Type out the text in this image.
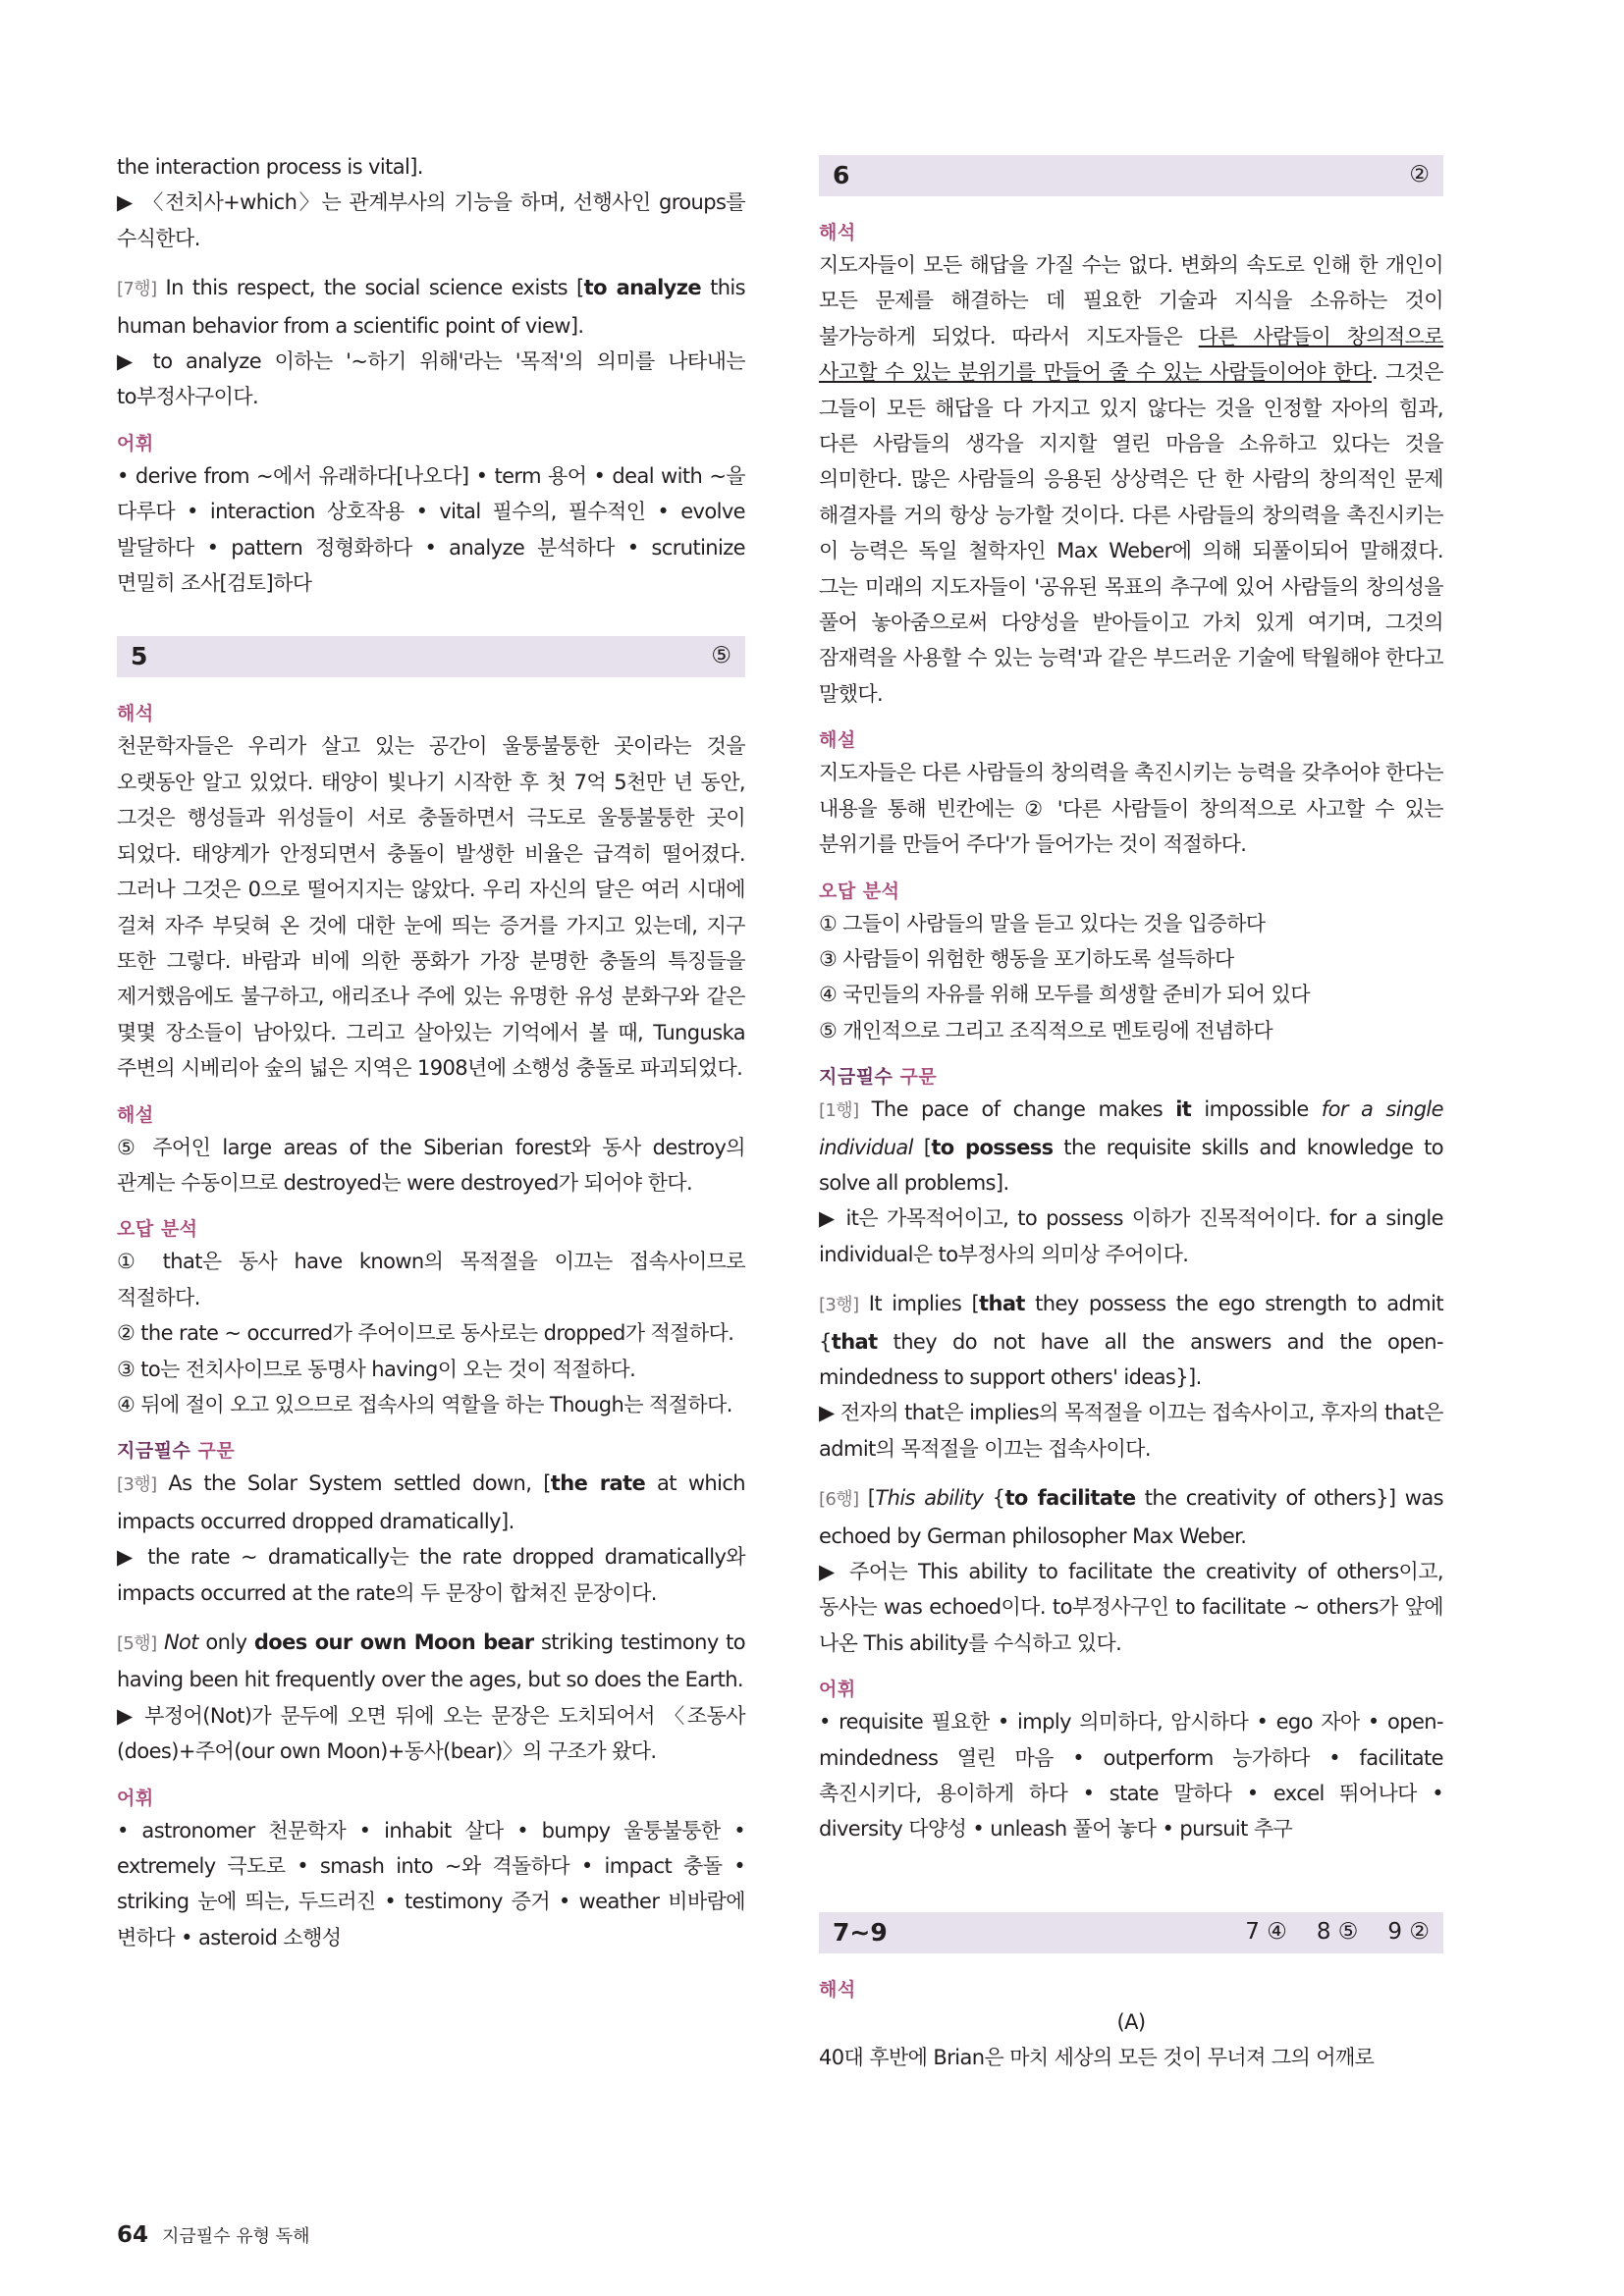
the interaction process is vital].

▶ 〈전치사+which〉는 관계부사의 기능을 하며, 선행사인 groups를 수식한다.

[7행] In this respect, the social science exists [to analyze this human behavior from a scientific point of view].

▶ to analyze 이하는 '~하기 위해'라는 '목적'의 의미를 나타내는 to부정사구이다.

어휘

• derive from ~에서 유래하다[나오다] • term 용어 • deal with ~을 다루다 • interaction 상호작용 • vital 필수의, 필수적인 • evolve 발달하다 • pattern 정형화하다 • analyze 분석하다 • scrutinize 면밀히 조사[검토]하다

5	⑤

해석

천문학자들은 우리가 살고 있는 공간이 울퉁불퉁한 곳이라는 것을 오랫동안 알고 있었다. 태양이 빛나기 시작한 후 첫 7억 5천만 년 동안, 그것은 행성들과 위성들이 서로 충돌하면서 극도로 울퉁불퉁한 곳이 되었다. 태양계가 안정되면서 충돌이 발생한 비율은 급격히 떨어졌다. 그러나 그것은 0으로 떨어지지는 않았다. 우리 자신의 달은 여러 시대에 걸쳐 자주 부딪혀 온 것에 대한 눈에 띄는 증거를 가지고 있는데, 지구 또한 그렇다. 바람과 비에 의한 풍화가 가장 분명한 충돌의 특징들을 제거했음에도 불구하고, 애리조나 주에 있는 유명한 유성 분화구와 같은 몇몇 장소들이 남아있다. 그리고 살아있는 기억에서 볼 때, Tunguska 주변의 시베리아 숲의 넓은 지역은 1908년에 소행성 충돌로 파괴되었다.

해설

⑤ 주어인 large areas of the Siberian forest와 동사 destroy의 관계는 수동이므로 destroyed는 were destroyed가 되어야 한다.

오답 분석

① that은 동사 have known의 목적절을 이끄는 접속사이므로 적절하다.

② the rate ~ occurred가 주어이므로 동사로는 dropped가 적절하다.

③ to는 전치사이므로 동명사 having이 오는 것이 적절하다.

④ 뒤에 절이 오고 있으므로 접속사의 역할을 하는 Though는 적절하다.

지금필수 구문

[3행] As the Solar System settled down, [the rate at which impacts occurred dropped dramatically].

▶ the rate ~ dramatically는 the rate dropped dramatically와 impacts occurred at the rate의 두 문장이 합쳐진 문장이다.

[5행] Not only does our own Moon bear striking testimony to having been hit frequently over the ages, but so does the Earth.

▶ 부정어(Not)가 문두에 오면 뒤에 오는 문장은 도치되어서 〈조동사(does)+주어(our own Moon)+동사(bear)〉의 구조가 왔다.

어휘

• astronomer 천문학자 • inhabit 살다 • bumpy 울퉁불퉁한 • extremely 극도로 • smash into ~와 격돌하다 • impact 충돌 • striking 눈에 띄는, 두드러진 • testimony 증거 • weather 비바람에 변하다 • asteroid 소행성

6	②

해석

지도자들이 모든 해답을 가질 수는 없다. 변화의 속도로 인해 한 개인이 모든 문제를 해결하는 데 필요한 기술과 지식을 소유하는 것이 불가능하게 되었다. 따라서 지도자들은 다른 사람들이 창의적으로 사고할 수 있는 분위기를 만들어 줄 수 있는 사람들이어야 한다. 그것은 그들이 모든 해답을 다 가지고 있지 않다는 것을 인정할 자아의 힘과, 다른 사람들의 생각을 지지할 열린 마음을 소유하고 있다는 것을 의미한다. 많은 사람들의 응용된 상상력은 단 한 사람의 창의적인 문제 해결자를 거의 항상 능가할 것이다. 다른 사람들의 창의력을 촉진시키는 이 능력은 독일 철학자인 Max Weber에 의해 되풀이되어 말해졌다. 그는 미래의 지도자들이 '공유된 목표의 추구에 있어 사람들의 창의성을 풀어 놓아줌으로써 다양성을 받아들이고 가치 있게 여기며, 그것의 잠재력을 사용할 수 있는 능력'과 같은 부드러운 기술에 탁월해야 한다고 말했다.

해설

지도자들은 다른 사람들의 창의력을 촉진시키는 능력을 갖추어야 한다는 내용을 통해 빈칸에는 ② '다른 사람들이 창의적으로 사고할 수 있는 분위기를 만들어 주다'가 들어가는 것이 적절하다.

오답 분석

① 그들이 사람들의 말을 듣고 있다는 것을 입증하다

③ 사람들이 위험한 행동을 포기하도록 설득하다

④ 국민들의 자유를 위해 모두를 희생할 준비가 되어 있다

⑤ 개인적으로 그리고 조직적으로 멘토링에 전념하다

지금필수 구문

[1행] The pace of change makes it impossible for a single individual [to possess the requisite skills and knowledge to solve all problems].

▶ it은 가목적어이고, to possess 이하가 진목적어이다. for a single individual은 to부정사의 의미상 주어이다.

[3행] It implies [that they possess the ego strength to admit {that they do not have all the answers and the open-mindedness to support others' ideas}].

▶ 전자의 that은 implies의 목적절을 이끄는 접속사이고, 후자의 that은 admit의 목적절을 이끄는 접속사이다.

[6행] [This ability {to facilitate the creativity of others}] was echoed by German philosopher Max Weber.

▶ 주어는 This ability to facilitate the creativity of others이고, 동사는 was echoed이다. to부정사구인 to facilitate ~ others가 앞에 나온 This ability를 수식하고 있다.

어휘

• requisite 필요한 • imply 의미하다, 암시하다 • ego 자아 • open-mindedness 열린 마음 • outperform 능가하다 • facilitate 촉진시키다, 용이하게 하다 • state 말하다 • excel 뛰어나다 • diversity 다양성 • unleash 풀어 놓다 • pursuit 추구

7~9	7 ④ 8 ⑤ 9 ②

해석

(A)

40대 후반에 Brian은 마치 세상의 모든 것이 무너져 그의 어깨로

64 지금필수 유형 독해
